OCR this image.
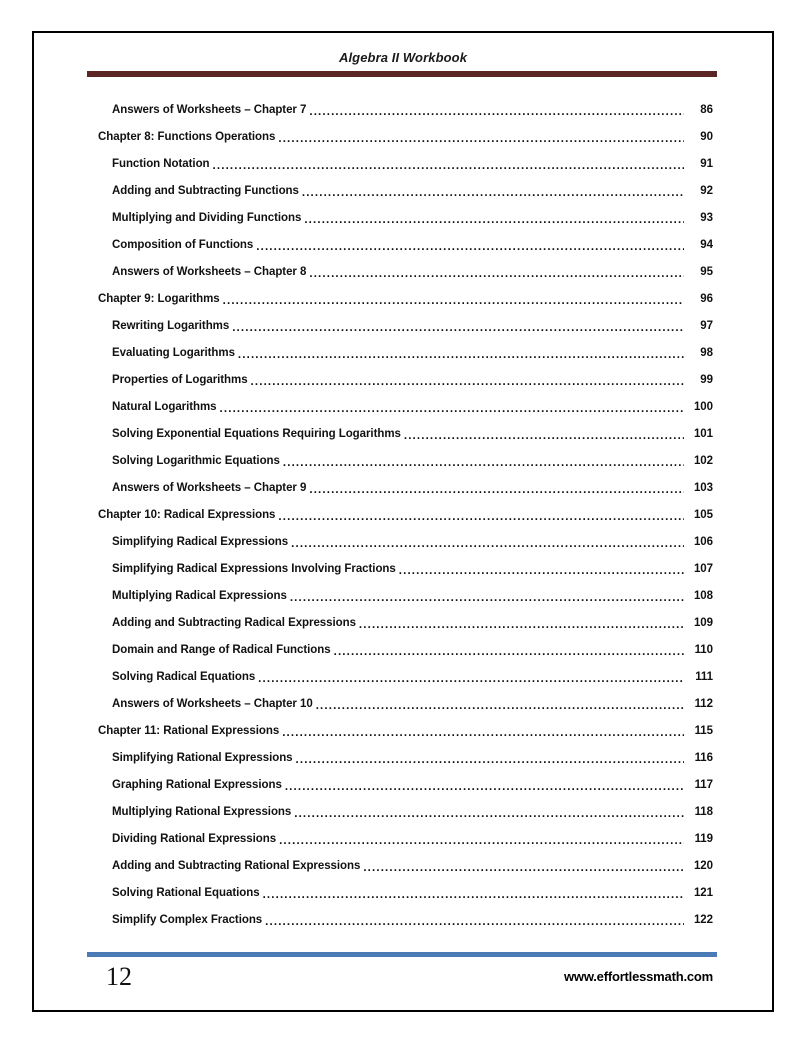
Algebra II Workbook
Answers of Worksheets – Chapter 7 .....	86
Chapter 8: Functions Operations .....	90
Function Notation .....	91
Adding and Subtracting Functions .....	92
Multiplying and Dividing Functions .....	93
Composition of Functions .....	94
Answers of Worksheets – Chapter 8 .....	95
Chapter 9: Logarithms .....	96
Rewriting Logarithms .....	97
Evaluating Logarithms .....	98
Properties of Logarithms .....	99
Natural Logarithms .....	100
Solving Exponential Equations Requiring Logarithms .....	101
Solving Logarithmic Equations .....	102
Answers of Worksheets – Chapter 9 .....	103
Chapter 10: Radical Expressions .....	105
Simplifying Radical Expressions .....	106
Simplifying Radical Expressions Involving Fractions .....	107
Multiplying Radical Expressions .....	108
Adding and Subtracting Radical Expressions .....	109
Domain and Range of Radical Functions .....	110
Solving Radical Equations .....	111
Answers of Worksheets – Chapter 10 .....	112
Chapter 11: Rational Expressions .....	115
Simplifying Rational Expressions .....	116
Graphing Rational Expressions .....	117
Multiplying Rational Expressions .....	118
Dividing Rational Expressions .....	119
Adding and Subtracting Rational Expressions .....	120
Solving Rational Equations .....	121
Simplify Complex Fractions .....	122
12	www.effortlessmath.com
